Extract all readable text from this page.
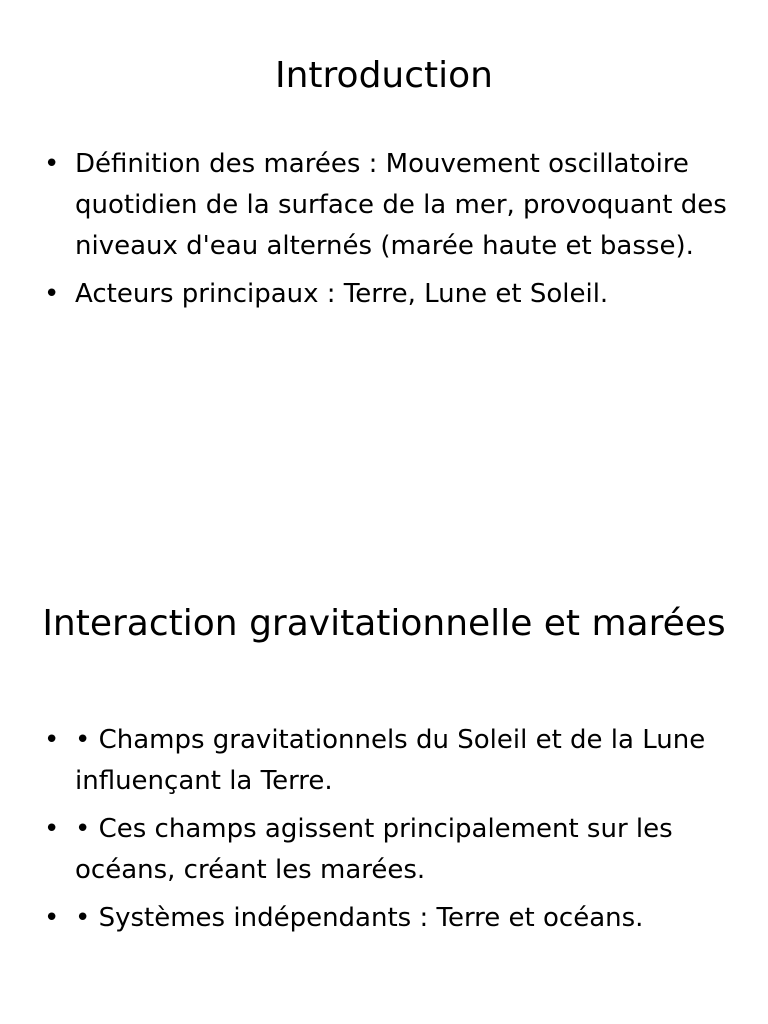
Introduction
• Définition des marées : Mouvement oscillatoire quotidien de la surface de la mer, provoquant des niveaux d'eau alternés (marée haute et basse).
• Acteurs principaux : Terre, Lune et Soleil.
Interaction gravitationnelle et marées
• • Champs gravitationnels du Soleil et de la Lune influençant la Terre.
• • Ces champs agissent principalement sur les océans, créant les marées.
• • Systèmes indépendants : Terre et océans.
